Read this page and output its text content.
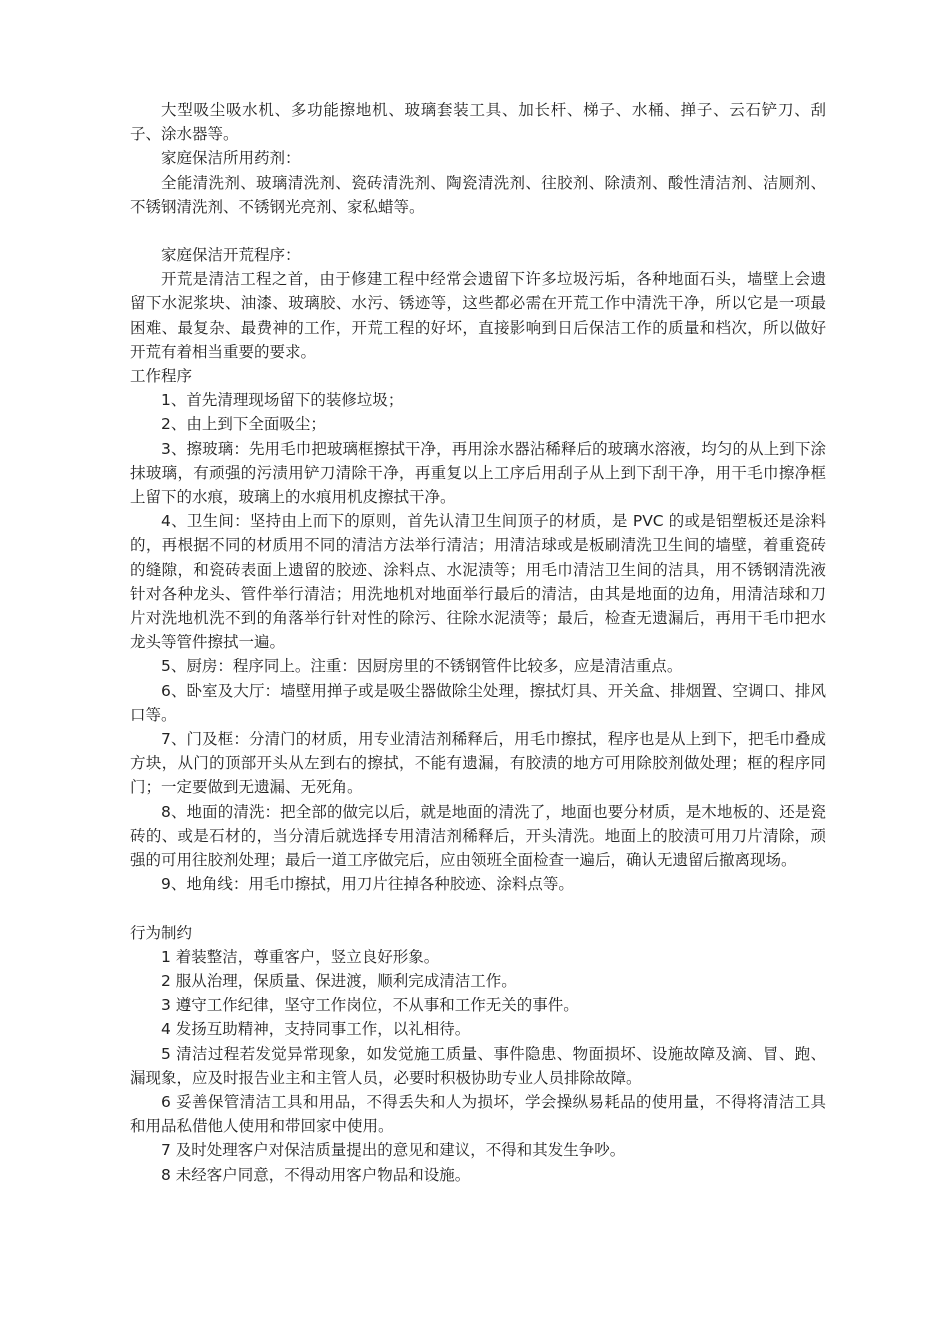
大型吸尘吸水机、多功能擦地机、玻璃套装工具、加长杆、梯子、水桶、掸子、云石铲刀、刮子、涂水器等。

家庭保洁所用药剂：

全能清洗剂、玻璃清洗剂、瓷砖清洗剂、陶瓷清洗剂、往胶剂、除渍剂、酸性清洁剂、洁厕剂、不锈钢清洗剂、不锈钢光亮剂、家私蜡等。

家庭保洁开荒程序：

开荒是清洁工程之首，由于修建工程中经常会遗留下许多垃圾污垢，各种地面石头，墙壁上会遗留下水泥浆块、油漆、玻璃胶、水污、锈迹等，这些都必需在开荒工作中清洗干净，所以它是一项最困难、最复杂、最费神的工作，开荒工程的好坏，直接影响到日后保洁工作的质量和档次，所以做好开荒有着相当重要的要求。

工作程序

1、首先清理现场留下的装修垃圾；

2、由上到下全面吸尘；

3、擦玻璃：先用毛巾把玻璃框擦拭干净，再用涂水器沾稀释后的玻璃水溶液，均匀的从上到下涂抹玻璃，有顽强的污渍用铲刀清除干净，再重复以上工序后用刮子从上到下刮干净，用干毛巾擦净框上留下的水痕，玻璃上的水痕用机皮擦拭干净。

4、卫生间：坚持由上而下的原则，首先认清卫生间顶子的材质，是 PVC 的或是铝塑板还是涂料的，再根据不同的材质用不同的清洁方法举行清洁；用清洁球或是板刷清洗卫生间的墙壁，着重瓷砖的缝隙，和瓷砖表面上遗留的胶迹、涂料点、水泥渍等；用毛巾清洁卫生间的洁具，用不锈钢清洗液针对各种龙头、管件举行清洁；用洗地机对地面举行最后的清洁，由其是地面的边角，用清洁球和刀片对洗地机洗不到的角落举行针对性的除污、往除水泥渍等；最后，检查无遗漏后，再用干毛巾把水龙头等管件擦拭一遍。

5、厨房：程序同上。注重：因厨房里的不锈钢管件比较多，应是清洁重点。

6、卧室及大厅：墙壁用掸子或是吸尘器做除尘处理，擦拭灯具、开关盒、排烟置、空调口、排风口等。

7、门及框：分清门的材质，用专业清洁剂稀释后，用毛巾擦拭，程序也是从上到下，把毛巾叠成方块，从门的顶部开头从左到右的擦拭，不能有遗漏，有胶渍的地方可用除胶剂做处理；框的程序同门；一定要做到无遗漏、无死角。

8、地面的清洗：把全部的做完以后，就是地面的清洗了，地面也要分材质，是木地板的、还是瓷砖的、或是石材的，当分清后就选择专用清洁剂稀释后，开头清洗。地面上的胶渍可用刀片清除，顽强的可用往胶剂处理；最后一道工序做完后，应由领班全面检查一遍后，确认无遗留后撤离现场。

9、地角线：用毛巾擦拭，用刀片往掉各种胶迹、涂料点等。

行为制约

1 着装整洁，尊重客户，竖立良好形象。

2 服从治理，保质量、保进渡，顺利完成清洁工作。

3 遵守工作纪律，坚守工作岗位，不从事和工作无关的事件。

4 发扬互助精神，支持同事工作，以礼相待。

5 清洁过程若发觉异常现象，如发觉施工质量、事件隐患、物面损坏、设施故障及滴、冒、跑、漏现象，应及时报告业主和主管人员，必要时积极协助专业人员排除故障。

6 妥善保管清洁工具和用品，不得丢失和人为损坏，学会操纵易耗品的使用量，不得将清洁工具和用品私借他人使用和带回家中使用。

7 及时处理客户对保洁质量提出的意见和建议，不得和其发生争吵。

8 未经客户同意，不得动用客户物品和设施。
